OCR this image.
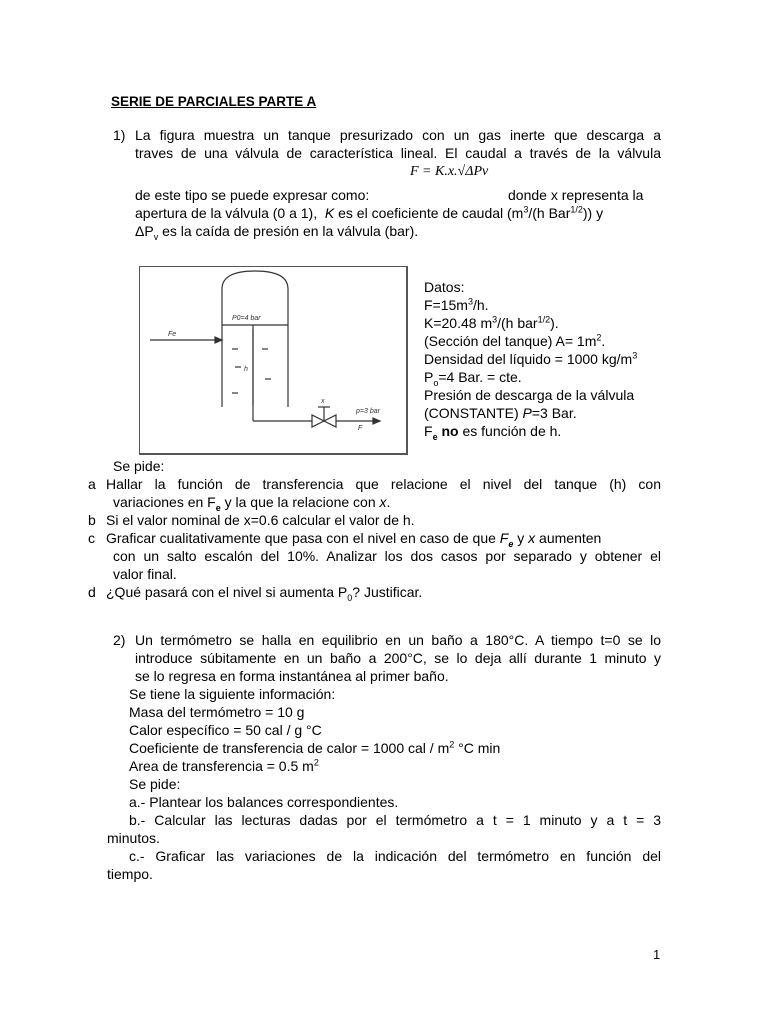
SERIE DE PARCIALES PARTE A
1) La figura muestra un tanque presurizado con un gas inerte que descarga a
traves de una válvula de característica lineal. El caudal a través de la válvula
F = K.x.√ΔPv
de este tipo se puede expresar como:	donde x representa la
apertura de la válvula (0 a 1), K es el coeficiente de caudal ($m^3/(h$ Bar$^{1/2}$)) y
$\Delta P_v$ es la caída de presión en la válvula (bar).
P0=4 bar
Fe
h
x
p=3 bar
F
Datos:
$F=15m^3/h$.
K=20.48 $m^3/(h$ bar$^{1/2}$).
(Sección del tanque) $A= 1m^2$.
Densidad del líquido = 1000 $kg/m^3$
$P_o=4$ Bar. = cte.
Presión de descarga de la válvula
(CONSTANTE) P=3 Bar.
$F_e$ no es función de h.
Se pide:
a Hallar la función de transferencia que relacione el nivel del tanque (h) con
variaciones en $F_e$ y la que la relacione con x.
b Si el valor nominal de x=0.6 calcular el valor de h.
c Graficar cualitativamente que pasa con el nivel en caso de que $F_e$ y x aumenten
con un salto escalón del 10%. Analizar los dos casos por separado y obtener el
valor final.
d ¿Qué pasará con el nivel si aumenta $P_0$? Justificar.
2) Un termómetro se halla en equilibrio en un baño a 180°C. A tiempo t=0 se lo
introduce súbitamente en un baño a 200°C, se lo deja allí durante 1 minuto y
se lo regresa en forma instantánea al primer baño.
Se tiene la siguiente información:
Masa del termómetro = 10 g
Calor específico = 50 cal / g °C
Coeficiente de transferencia de calor = 1000 cal / $m^2$ °C min
Area de transferencia = 0.5 $m^2$
Se pide:
a.- Plantear los balances correspondientes.
b.- Calcular las lecturas dadas por el termómetro a t = 1 minuto y a t = 3
minutos.
c.- Graficar las variaciones de la indicación del termómetro en función del
tiempo.
1
